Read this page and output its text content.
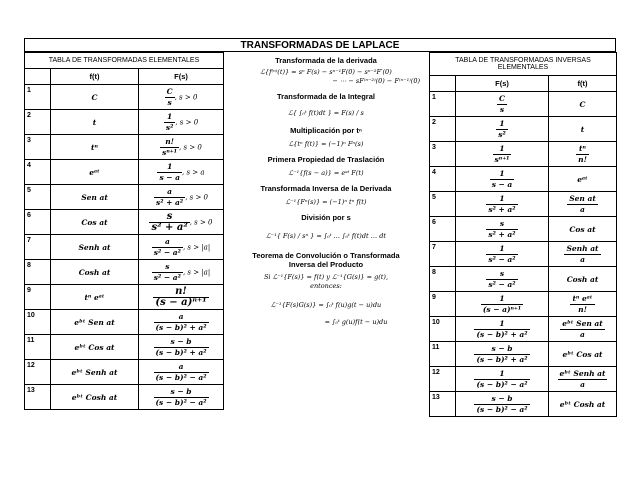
TRANSFORMADAS DE LAPLACE
TABLA DE TRANSFORMADAS ELEMENTALES		
	f(t)	F(s)
1	C	$\frac{C}{s}$ , s > 0
2	t	$\frac{1}{\text{s²}}$ , s > 0
3	tⁿ	$\frac{n!}{\text{sⁿ⁺¹}}$ , s > 0
4	eᵃᵗ	$\frac{1}{s - a}$ , s > a
5	Sen at	$\frac{a}{\text{s² + a²}}$ , s > 0
6	Cos at	$\frac{s}{\text{s² + a²}}$ , s > 0
7	Senh at	$\frac{a}{\text{s² − a²}}$ , s > |a|
8	Cosh at	$\frac{s}{\text{s² − a²}}$ , s > |a|
9	tⁿ eᵃᵗ	$\frac{n!}{\text{(s − a)ⁿ⁺¹}}$

10	eᵇᵗ Sen at	$\frac{a}{\text{(s − b)² + a²}}$

11	eᵇᵗ Cos at	$\frac{s - b}{\text{(s − b)² + a²}}$

12	eᵇᵗ Senh at	$\frac{a}{\text{(s − b)² − a²}}$

13	eᵇᵗ Cosh at	$\frac{s - b}{\text{(s − b)² − a²}}$
Transformada de la derivada
ℒ{f⁽ⁿ⁾(t)} = sⁿ F(s) − sⁿ⁻¹F(0) − sⁿ⁻²F′(0)
− ⋯ − sF⁽ⁿ⁻²⁾(0) − F⁽ⁿ⁻¹⁾(0)
Transformada de la Integral
ℒ{ ∫₀ᵗ f(t)dt } = F(s) / s
Multiplicación por tⁿ
ℒ{tⁿ f(t)} = (−1)ⁿ Fⁿ(s)
Primera Propiedad de Traslación
ℒ⁻¹{f(s − a)} = eᵃᵗ F(t)
Transformada Inversa de la Derivada
ℒ⁻¹{Fⁿ(s)} = (−1)ⁿ tⁿ f(t)
División por s
ℒ⁻¹{ F(s) / sⁿ } = ∫₀ᵗ … ∫₀ᵗ f(t)dt … dt
Teorema de Convolución o Transformada Inversa del Producto
Si ℒ⁻¹{F(s)} = f(t) y ℒ⁻¹{G(s)} = g(t),
entonces:
ℒ⁻¹{F(s)G(s)} = ∫₀ᵗ f(u)g(t − u)du
= ∫₀ᵗ g(u)f(t − u)du
TABLA DE TRANSFORMADAS INVERSAS ELEMENTALES		
	F(s)	f(t)
1	$\frac{C}{s}$	C
2	$\frac{1}{\text{s²}}$	t
3	$\frac{1}{\text{sⁿ⁺¹}}$	$\frac{\text{tⁿ}}{n!}$

4	$\frac{1}{s - a}$	eᵃᵗ
5	$\frac{1}{\text{s² + a²}}$	$\frac{\text{Sen at}}{a}$

6	$\frac{s}{\text{s² + a²}}$	Cos at
7	$\frac{1}{\text{s² − a²}}$	$\frac{\text{Senh at}}{a}$

8	$\frac{s}{\text{s² − a²}}$	Cosh at
9	$\frac{1}{\text{(s − a)ⁿ⁺¹}}$	$\frac{\text{tⁿ eᵃᵗ}}{n!}$

10	$\frac{1}{\text{(s − b)² + a²}}$	$\frac{\text{eᵇᵗ Sen at}}{a}$

11	$\frac{s - b}{\text{(s − b)² + a²}}$	eᵇᵗ Cos at
12	$\frac{1}{\text{(s − b)² − a²}}$	$\frac{\text{eᵇᵗ Senh at}}{a}$

13	$\frac{s - b}{\text{(s − b)² − a²}}$	eᵇᵗ Cosh at
